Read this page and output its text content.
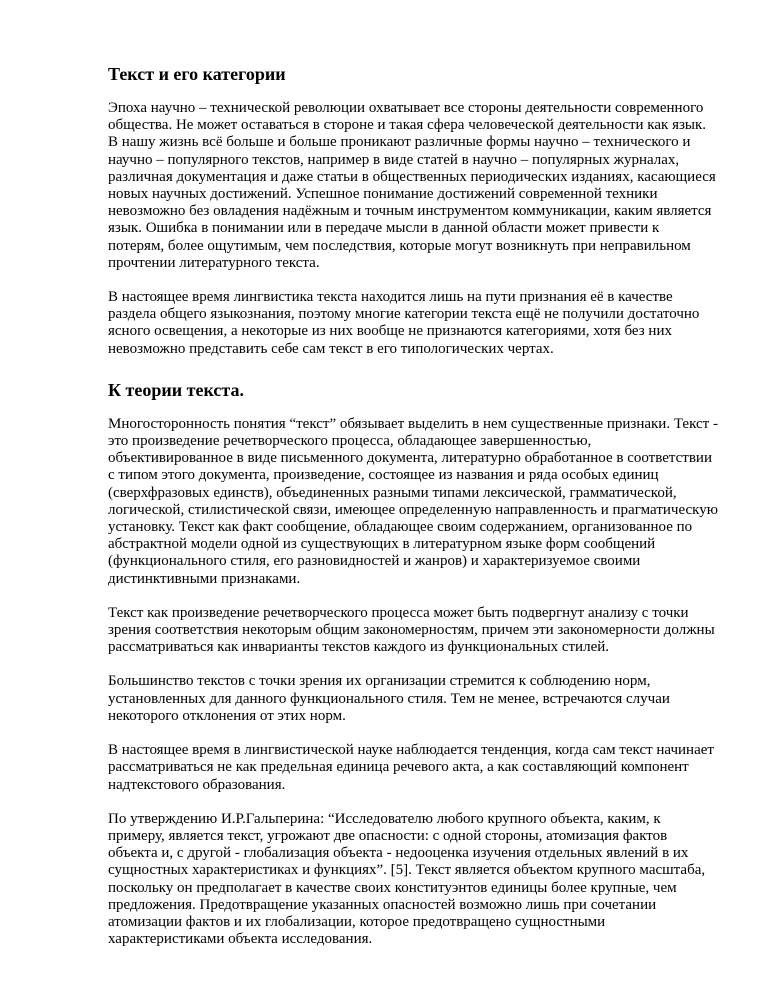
Текст и его категории

Эпоха научно – технической революции охватывает все стороны деятельности современного общества. Не может оставаться в стороне и такая сфера человеческой деятельности как язык. В нашу жизнь всё больше и больше проникают различные формы научно – технического и научно – популярного текстов, например в виде статей в научно – популярных журналах, различная документация и даже статьи в общественных периодических изданиях, касающиеся новых научных достижений. Успешное понимание достижений современной техники невозможно без овладения надёжным и точным инструментом коммуникации, каким является язык. Ошибка в понимании или в передаче мысли в данной области может привести к потерям, более ощутимым, чем последствия, которые могут возникнуть при неправильном прочтении литературного текста.

В настоящее время лингвистика текста находится лишь на пути признания её в качестве раздела общего языкознания, поэтому многие категории текста ещё не получили достаточно ясного освещения, а некоторые из них вообще не признаются категориями, хотя без них невозможно представить себе сам текст в его типологических чертах.

К теории текста.

Многосторонность понятия “текст” обязывает выделить в нем существенные признаки. Текст - это произведение речетворческого процесса, обладающее завершенностью, объективированное в виде письменного документа, литературно обработанное в соответствии с типом этого документа, произведение, состоящее из названия и ряда особых единиц (сверхфразовых единств), объединенных разными типами лексической, грамматической, логической, стилистической связи, имеющее определенную направленность и прагматическую установку. Текст как факт сообщение, обладающее своим содержанием, организованное по абстрактной модели одной из существующих в литературном языке форм сообщений (функционального стиля, его разновидностей и жанров) и характеризуемое своими дистинктивными признаками.

Текст как произведение речетворческого процесса может быть подвергнут анализу с точки зрения соответствия некоторым общим закономерностям, причем эти закономерности должны рассматриваться как инварианты текстов каждого из функциональных стилей.

Большинство текстов с точки зрения их организации стремится к соблюдению норм, установленных для данного функционального стиля. Тем не менее, встречаются случаи некоторого отклонения от этих норм.

В настоящее время в лингвистической науке наблюдается тенденция, когда сам текст начинает рассматриваться не как предельная единица речевого акта, а как составляющий компонент надтекстового образования.

По утверждению И.Р.Гальперина: “Исследователю любого крупного объекта, каким, к примеру, является текст, угрожают две опасности: с одной стороны, атомизация фактов объекта и, с другой - глобализация объекта - недооценка изучения отдельных явлений в их сущностных характеристиках и функциях”. [5]. Текст является объектом крупного масштаба, поскольку он предполагает в качестве своих конституэнтов единицы более крупные, чем предложения. Предотвращение указанных опасностей возможно лишь при сочетании атомизации фактов и их глобализации, которое предотвращено сущностными характеристиками объекта исследования.
